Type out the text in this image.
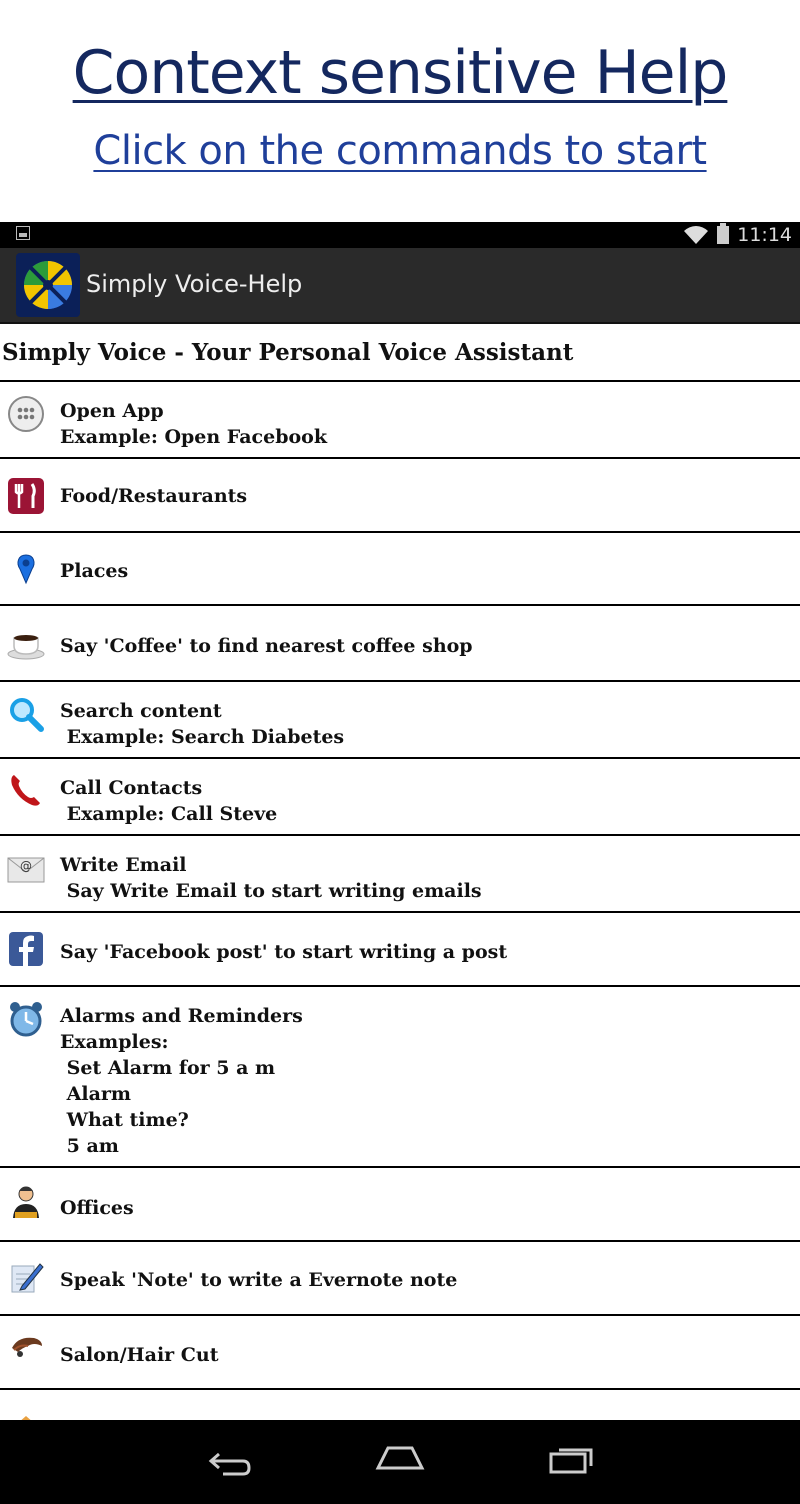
Context sensitive Help
Click on the commands to start
11:14
Simply Voice-Help
Simply Voice - Your Personal Voice Assistant
Open App
Example: Open Facebook
Food/Restaurants
Places
Say 'Coffee' to find nearest coffee shop
Search content
Example: Search Diabetes
Call Contacts
Example: Call Steve
@ Write Email
Say Write Email to start writing emails
Say 'Facebook post' to start writing a post
Alarms and Reminders
Examples:
Set Alarm for 5 a m
Alarm
What time?
5 am
Offices
Speak 'Note' to write a Evernote note
Salon/Hair Cut
